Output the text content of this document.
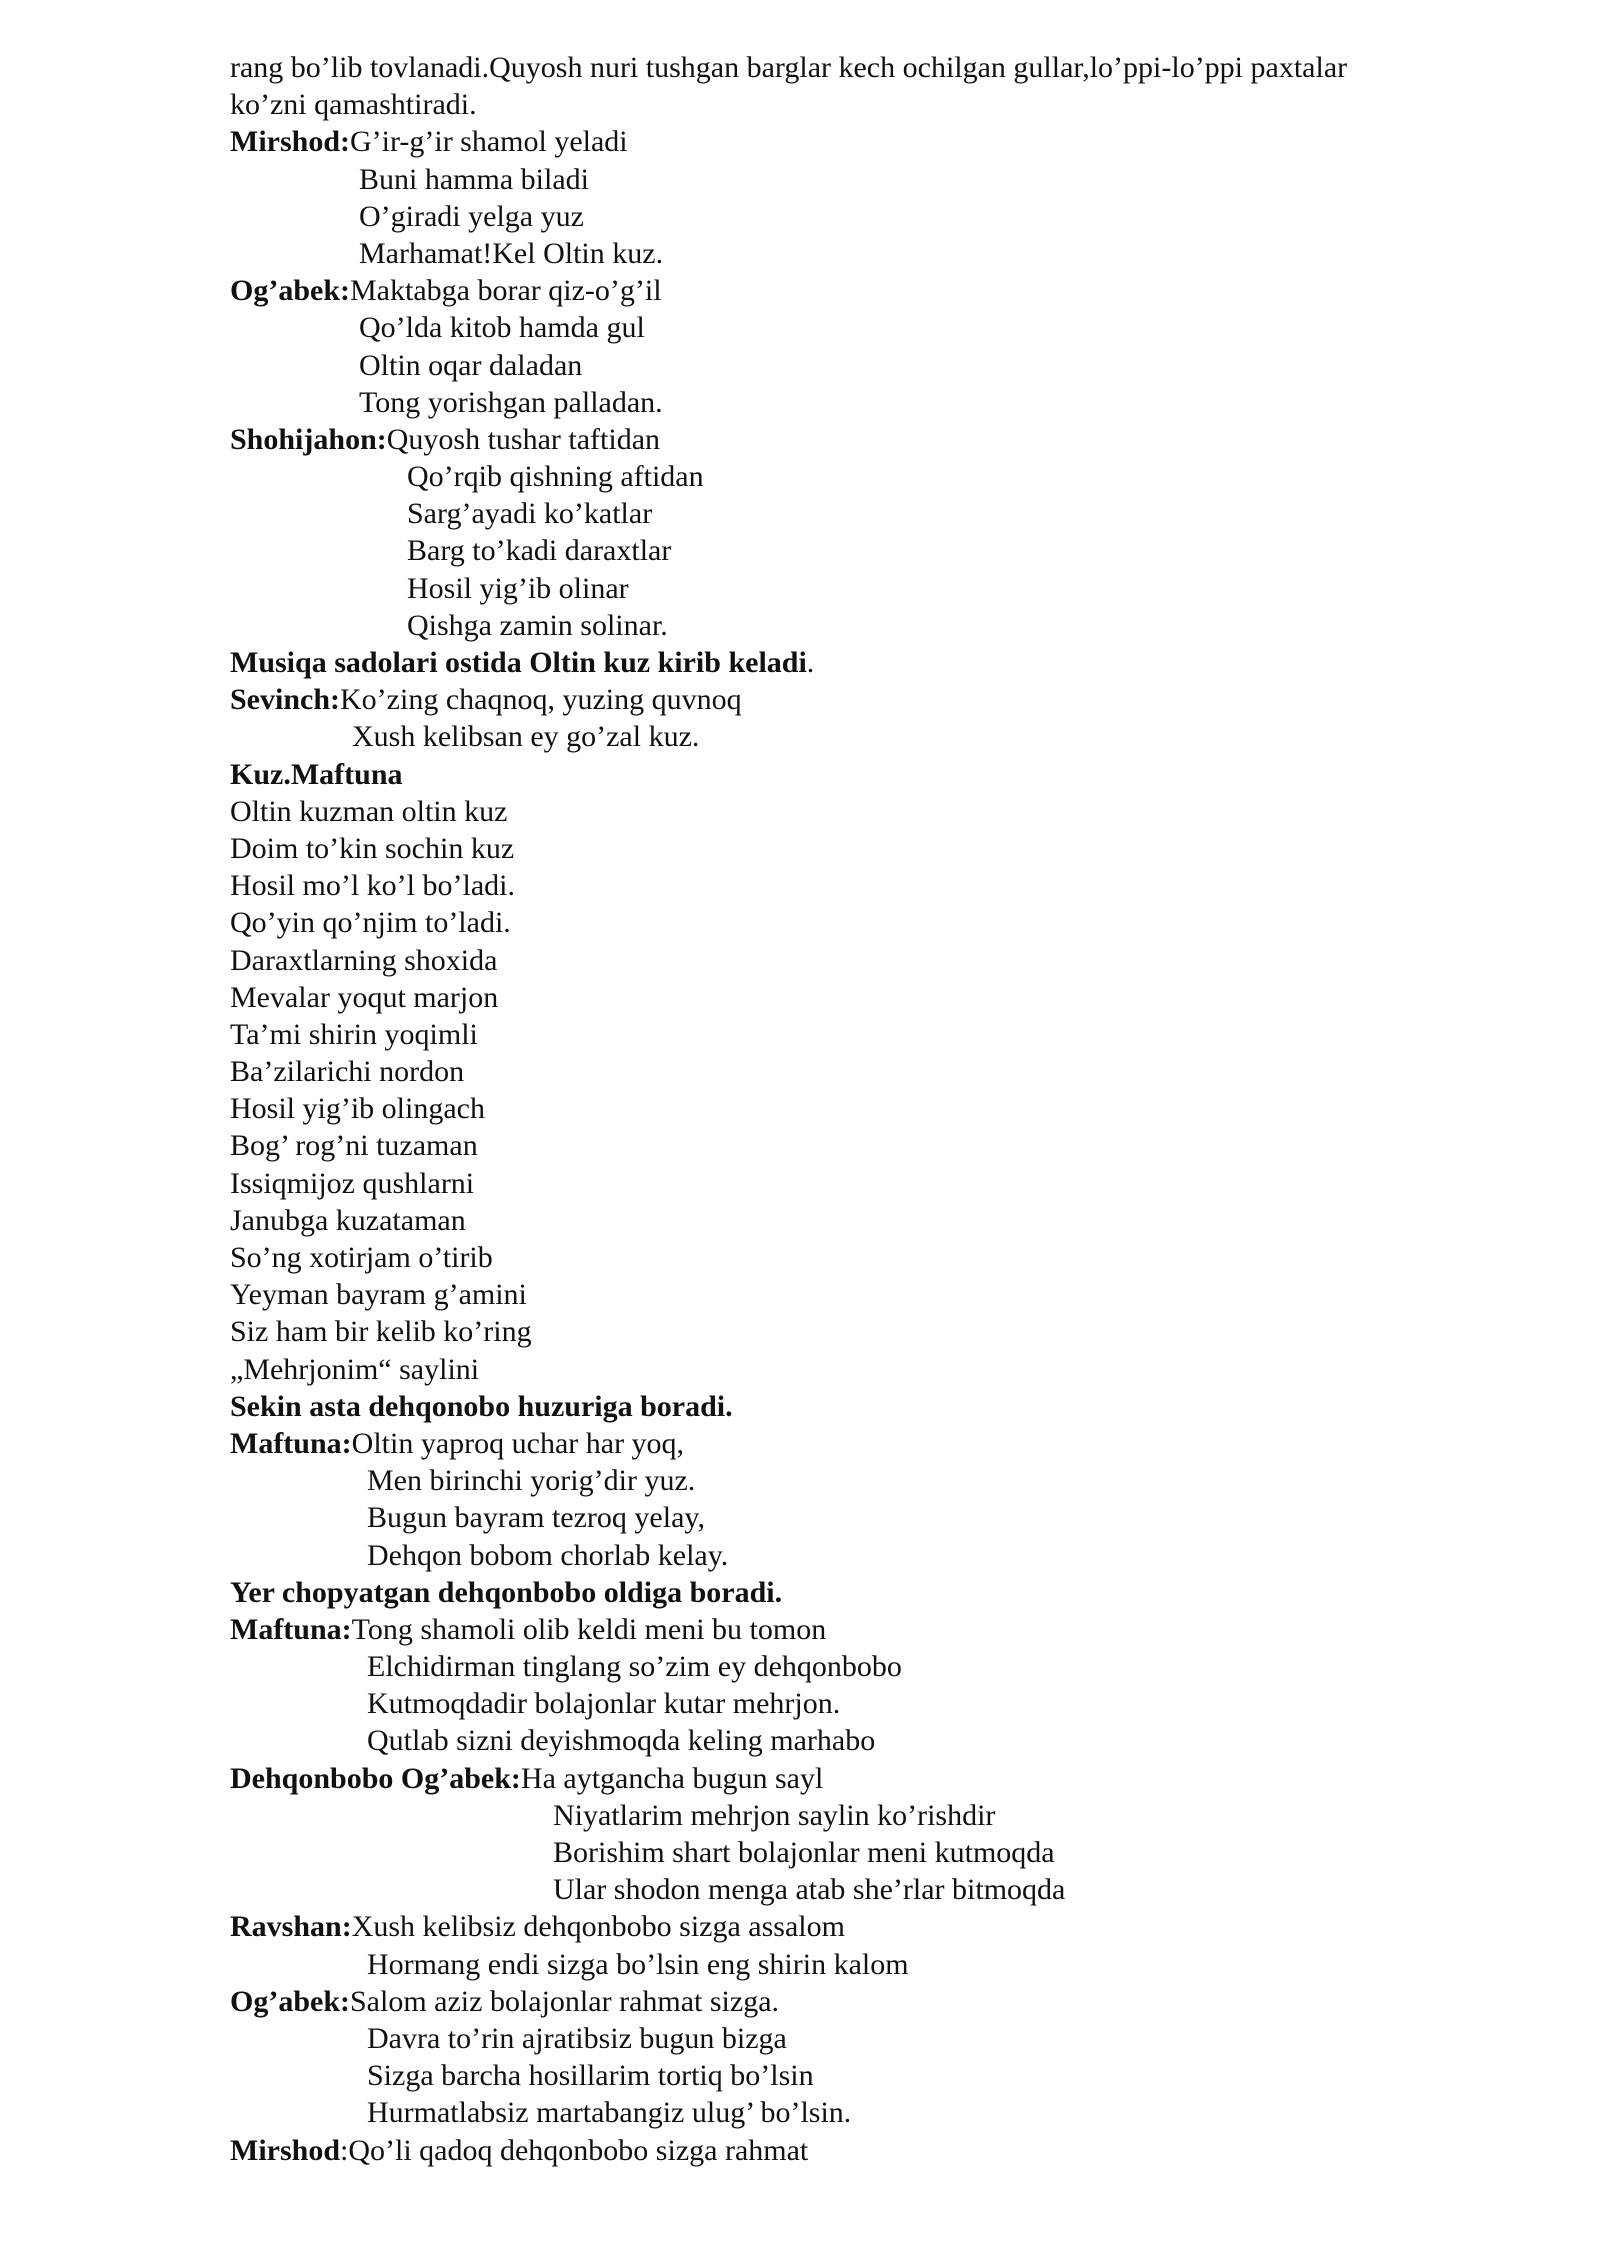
rang bo’lib tovlanadi.Quyosh nuri tushgan barglar kech ochilgan gullar,lo’ppi-lo’ppi paxtalar
ko’zni qamashtiradi.
Mirshod:G’ir-g’ir shamol yeladi
Buni hamma biladi
O’giradi yelga yuz
Marhamat!Kel Oltin kuz.
Og’abek:Maktabga borar qiz-o’g’il
Qo’lda kitob hamda gul
Oltin oqar daladan
Tong yorishgan palladan.
Shohijahon:Quyosh tushar taftidan
Qo’rqib qishning aftidan
Sarg’ayadi ko’katlar
Barg to’kadi daraxtlar
Hosil yig’ib olinar
Qishga zamin solinar.
Musiqa sadolari ostida Oltin kuz kirib keladi.
Sevinch:Ko’zing chaqnoq, yuzing quvnoq
Xush kelibsan ey go’zal kuz.
Kuz.Maftuna
Oltin kuzman oltin kuz
Doim to’kin sochin kuz
Hosil mo’l ko’l bo’ladi.
Qo’yin qo’njim to’ladi.
Daraxtlarning shoxida
Mevalar yoqut marjon
Ta’mi shirin yoqimli
Ba’zilarichi nordon
Hosil yig’ib olingach
Bog’ rog’ni tuzaman
Issiqmijoz qushlarni
Janubga kuzataman
So’ng xotirjam o’tirib
Yeyman bayram g’amini
Siz ham bir kelib ko’ring
„Mehrjonim“ saylini
Sekin asta dehqonobo huzuriga boradi.
Maftuna:Oltin yaproq uchar har yoq,
Men birinchi yorig’dir yuz.
Bugun bayram tezroq yelay,
Dehqon bobom chorlab kelay.
Yer chopyatgan dehqonbobo oldiga boradi.
Maftuna:Tong shamoli olib keldi meni bu tomon
Elchidirman tinglang so’zim ey dehqonbobo
Kutmoqdadir bolajonlar kutar mehrjon.
Qutlab sizni deyishmoqda keling marhabo
Dehqonbobo Og’abek:Ha aytgancha bugun sayl
Niyatlarim mehrjon saylin ko’rishdir
Borishim shart bolajonlar meni kutmoqda
Ular shodon menga atab she’rlar bitmoqda
Ravshan:Xush kelibsiz dehqonbobo sizga assalom
Hormang endi sizga bo’lsin eng shirin kalom
Og’abek:Salom aziz bolajonlar rahmat sizga.
Davra to’rin ajratibsiz bugun bizga
Sizga barcha hosillarim tortiq bo’lsin
Hurmatlabsiz martabangiz ulug’ bo’lsin.
Mirshod:Qo’li qadoq dehqonbobo sizga rahmat
